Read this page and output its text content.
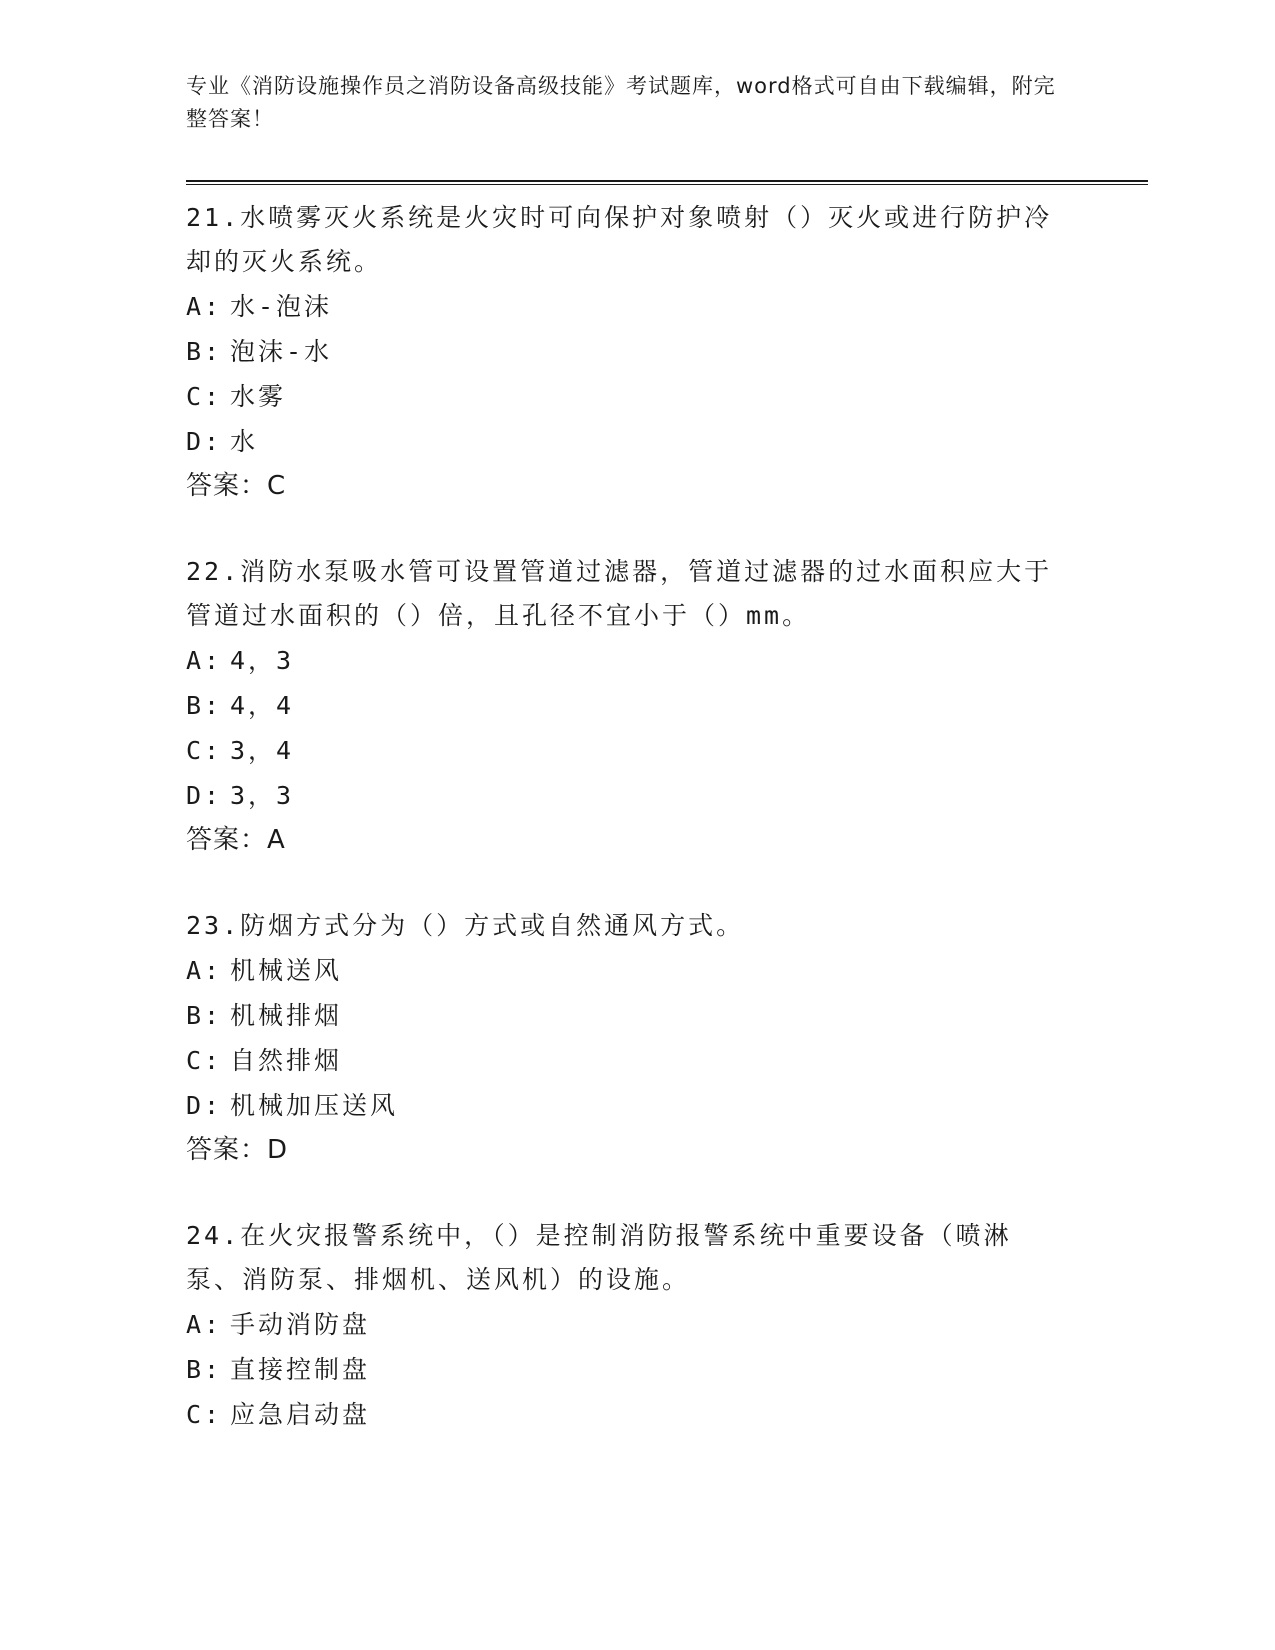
专业《消防设施操作员之消防设备高级技能》考试题库，word格式可自由下载编辑，附完整答案！
21.水喷雾灭火系统是火灾时可向保护对象喷射（）灭火或进行防护冷却的灭火系统。
A: 水-泡沫
B: 泡沫-水
C: 水雾
D: 水
答案：C
22.消防水泵吸水管可设置管道过滤器，管道过滤器的过水面积应大于管道过水面积的（）倍，且孔径不宜小于（）mm。
A: 4，3
B: 4，4
C: 3，4
D: 3，3
答案：A
23.防烟方式分为（）方式或自然通风方式。
A: 机械送风
B: 机械排烟
C: 自然排烟
D: 机械加压送风
答案：D
24.在火灾报警系统中，（）是控制消防报警系统中重要设备（喷淋泵、消防泵、排烟机、送风机）的设施。
A: 手动消防盘
B: 直接控制盘
C: 应急启动盘
